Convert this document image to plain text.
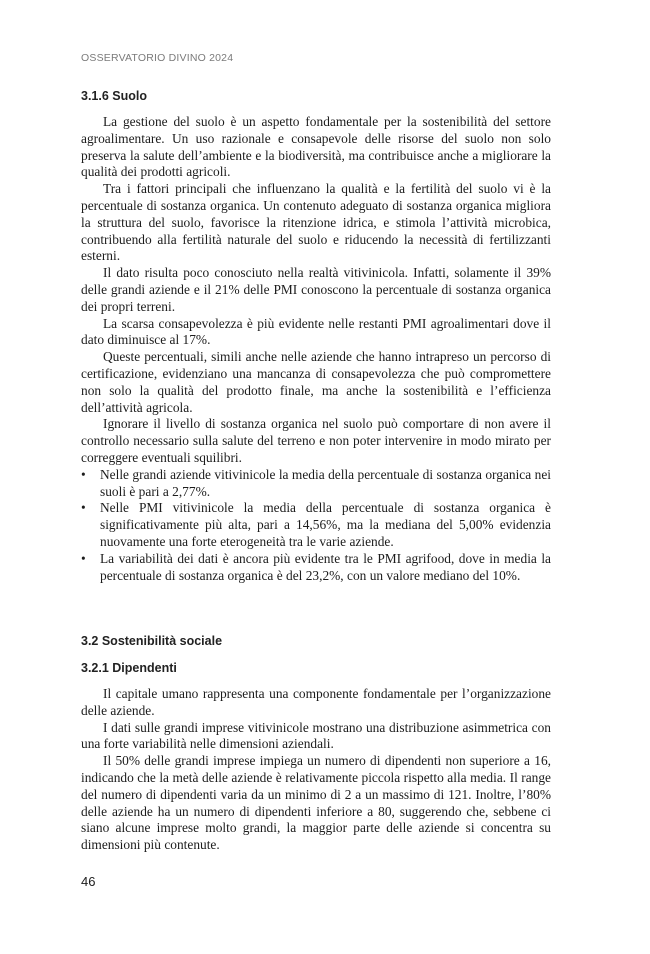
OSSERVATORIO DIVINO 2024
3.1.6 Suolo

La gestione del suolo è un aspetto fondamentale per la sostenibilità del settore agroalimentare. Un uso razionale e consapevole delle risorse del suolo non solo preserva la salute dell’ambiente e la biodiversità, ma contribuisce anche a migliorare la qualità dei prodotti agricoli.

Tra i fattori principali che influenzano la qualità e la fertilità del suolo vi è la percentuale di sostanza organica. Un contenuto adeguato di sostanza organica migliora la struttura del suolo, favorisce la ritenzione idrica, e stimola l’attività microbica, contribuendo alla fertilità naturale del suolo e riducendo la necessità di fertilizzanti esterni.

Il dato risulta poco conosciuto nella realtà vitivinicola. Infatti, solamente il 39% delle grandi aziende e il 21% delle PMI conoscono la percentuale di sostanza organica dei propri terreni.

La scarsa consapevolezza è più evidente nelle restanti PMI agroalimentari dove il dato diminuisce al 17%.

Queste percentuali, simili anche nelle aziende che hanno intrapreso un percorso di certificazione, evidenziano una mancanza di consapevolezza che può compromettere non solo la qualità del prodotto finale, ma anche la sostenibilità e l’efficienza dell’attività agricola.

Ignorare il livello di sostanza organica nel suolo può comportare di non avere il controllo necessario sulla salute del terreno e non poter intervenire in modo mirato per correggere eventuali squilibri.

• Nelle grandi aziende vitivinicole la media della percentuale di sostanza organica nei suoli è pari a 2,77%.
• Nelle PMI vitivinicole la media della percentuale di sostanza organica è significativamente più alta, pari a 14,56%, ma la mediana del 5,00% evidenzia nuovamente una forte eterogeneità tra le varie aziende.
• La variabilità dei dati è ancora più evidente tra le PMI agrifood, dove in media la percentuale di sostanza organica è del 23,2%, con un valore mediano del 10%.
3.2 Sostenibilità sociale
3.2.1 Dipendenti

Il capitale umano rappresenta una componente fondamentale per l’organizzazione delle aziende.

I dati sulle grandi imprese vitivinicole mostrano una distribuzione asimmetrica con una forte variabilità nelle dimensioni aziendali.

Il 50% delle grandi imprese impiega un numero di dipendenti non superiore a 16, indicando che la metà delle aziende è relativamente piccola rispetto alla media. Il range del numero di dipendenti varia da un minimo di 2 a un massimo di 121. Inoltre, l’80% delle aziende ha un numero di dipendenti inferiore a 80, suggerendo che, sebbene ci siano alcune imprese molto grandi, la maggior parte delle aziende si concentra su dimensioni più contenute.

46
